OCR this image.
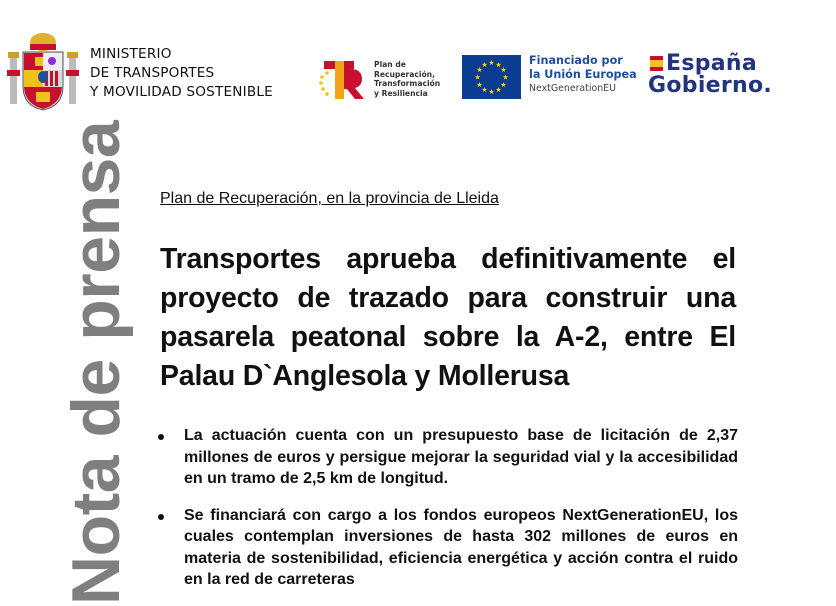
MINISTERIO
DE TRANSPORTES
Y MOVILIDAD SOSTENIBLE
Plan de
Recuperación,
Transformación
y Resiliencia
★ ★
★
★
★
★
★
★
★
★
★
★	Financiado por
la Unión Europea
NextGenerationEU
España
Gobierno.
Nota de prensa Plan de Recuperación, en la provincia de Lleida
Transportes aprueba definitivamente el proyecto de trazado para construir una pasarela peatonal sobre la A-2, entre El Palau D`Anglesola y Mollerusa
La actuación cuenta con un presupuesto base de licitación de 2,37 millones de euros y persigue mejorar la seguridad vial y la accesibilidad en un tramo de 2,5 km de longitud.
Se financiará con cargo a los fondos europeos NextGenerationEU, los cuales contemplan inversiones de hasta 302 millones de euros en materia de sostenibilidad, eficiencia energética y acción contra el ruido en la red de carreteras
